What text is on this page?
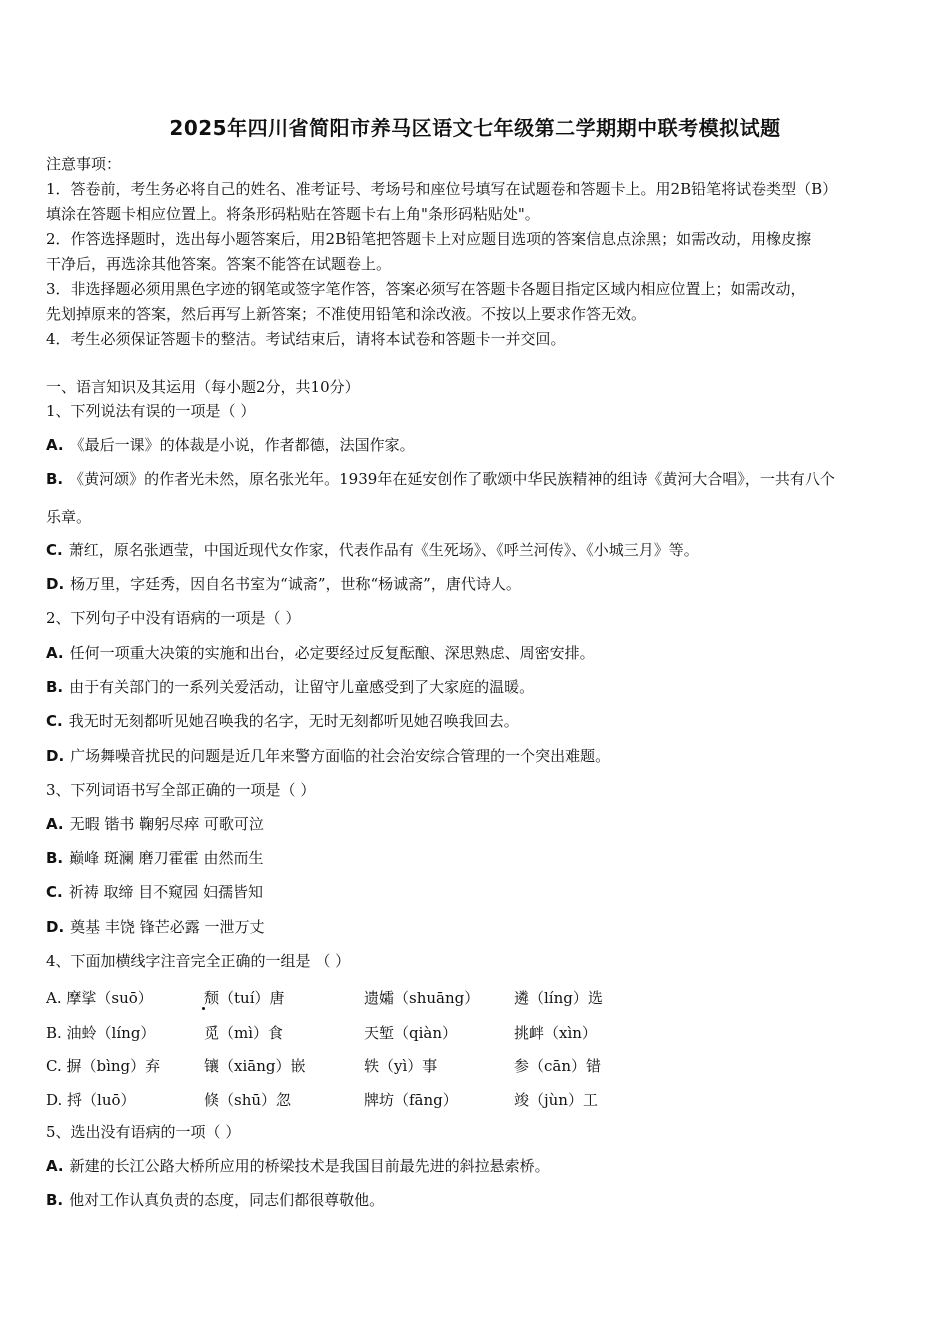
2025年四川省简阳市养马区语文七年级第二学期期中联考模拟试题

注意事项：

1．答卷前，考生务必将自己的姓名、准考证号、考场号和座位号填写在试题卷和答题卡上。用2B铅笔将试卷类型（B）

填涂在答题卡相应位置上。将条形码粘贴在答题卡右上角"条形码粘贴处"。

2．作答选择题时，选出每小题答案后，用2B铅笔把答题卡上对应题目选项的答案信息点涂黑；如需改动，用橡皮擦

干净后，再选涂其他答案。答案不能答在试题卷上。

3．非选择题必须用黑色字迹的钢笔或签字笔作答，答案必须写在答题卡各题目指定区域内相应位置上；如需改动，

先划掉原来的答案，然后再写上新答案；不准使用铅笔和涂改液。不按以上要求作答无效。

4．考生必须保证答题卡的整洁。考试结束后，请将本试卷和答题卡一并交回。

一、语言知识及其运用（每小题2分，共10分）
1、下列说法有误的一项是（ ）
A. 《最后一课》的体裁是小说，作者都德，法国作家。
B. 《黄河颂》的作者光未然，原名张光年。1939年在延安创作了歌颂中华民族精神的组诗《黄河大合唱》，一共有八个
乐章。
C. 萧红，原名张迺莹，中国近现代女作家，代表作品有《生死场》、《呼兰河传》、《小城三月》等。
D. 杨万里，字廷秀，因自名书室为“诚斋”，世称“杨诚斋”，唐代诗人。
2、下列句子中没有语病的一项是（ ）
A. 任何一项重大决策的实施和出台，必定要经过反复酝酿、深思熟虑、周密安排。
B. 由于有关部门的一系列关爱活动，让留守儿童感受到了大家庭的温暖。
C. 我无时无刻都听见她召唤我的名字，无时无刻都听见她召唤我回去。
D. 广场舞噪音扰民的问题是近几年来警方面临的社会治安综合管理的一个突出难题。
3、下列词语书写全部正确的一项是（ ）
A. 无暇 锴书 鞠躬尽瘁 可歌可泣
B. 巅峰 斑澜 磨刀霍霍 由然而生
C. 祈祷 取缔 目不窥园 妇孺皆知
D. 奠基 丰饶 锋芒必露 一泄万丈
4、下面加横线字注音完全正确的一组是 （ ）
A. 摩挲（suō）	颓（tuí）唐	遗孀（shuāng） 遴（líng）选
B. 油蛉（líng）	觅（mì）食	天堑（qiàn）	挑衅（xìn）
C. 摒（bìng）弃	镶（xiāng）嵌	轶（yì）事	参（cān）错
D. 捋（luō）	倏（shū）忽	牌坊（fāng）	竣（jùn）工
5、选出没有语病的一项（ ）
A. 新建的长江公路大桥所应用的桥梁技术是我国目前最先进的斜拉悬索桥。
B. 他对工作认真负责的态度，同志们都很尊敬他。
